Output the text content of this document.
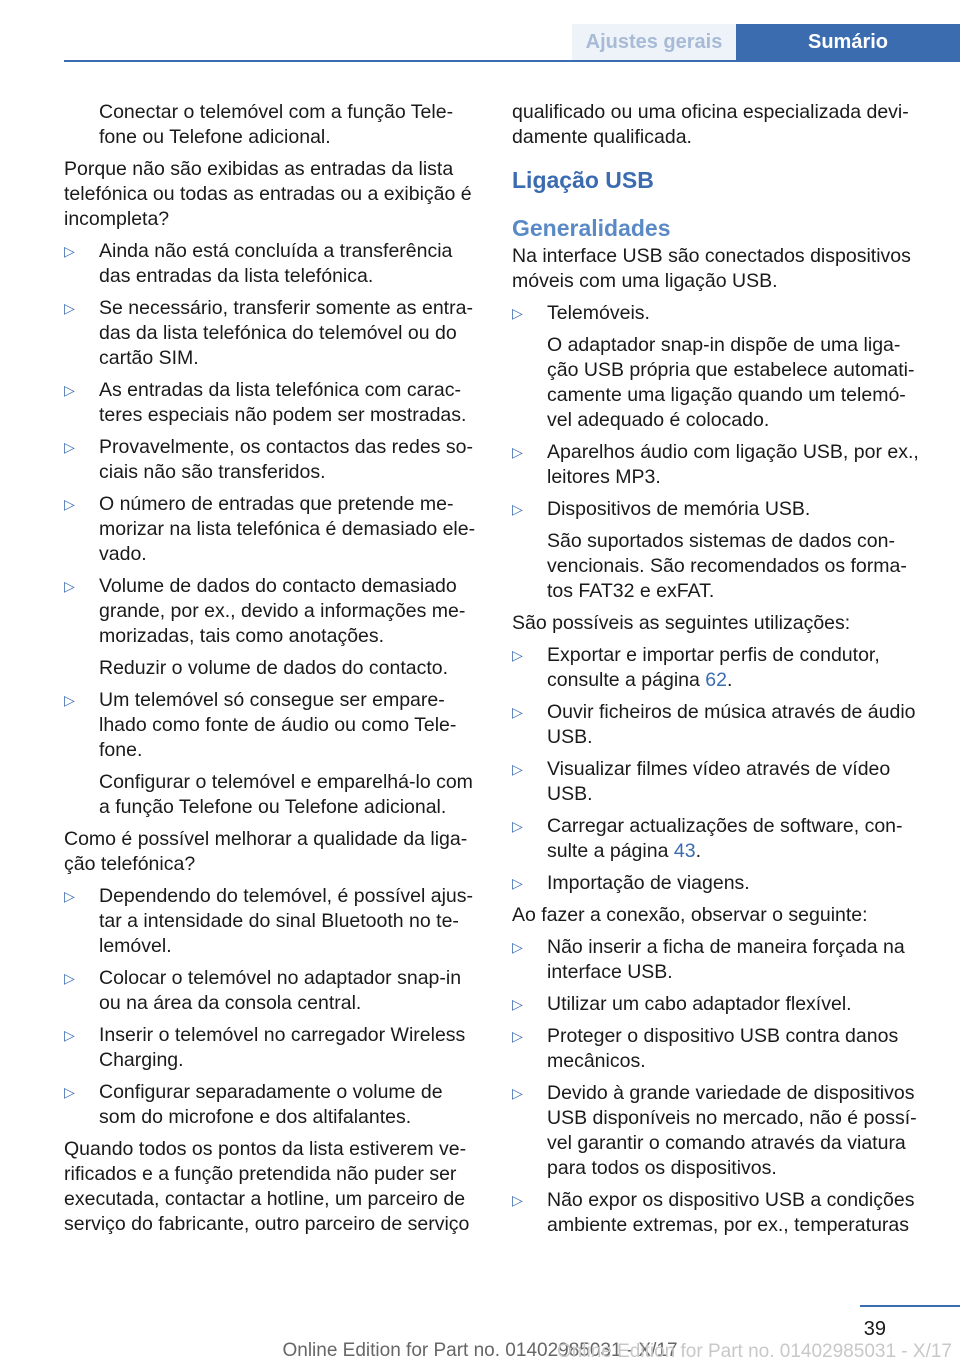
Ajustes gerais	Sumário

Conectar o telemóvel com a função Telefone ou Telefone adicional.

Porque não são exibidas as entradas da lista telefónica ou todas as entradas ou a exibição é incompleta?

▷	Ainda não está concluída a transferência das entradas da lista telefónica.

▷	Se necessário, transferir somente as entradas da lista telefónica do telemóvel ou do cartão SIM.

▷	As entradas da lista telefónica com caracteres especiais não podem ser mostradas.

▷	Provavelmente, os contactos das redes sociais não são transferidos.

▷	O número de entradas que pretende memorizar na lista telefónica é demasiado elevado.

▷	Volume de dados do contacto demasiado grande, por ex., devido a informações memorizadas, tais como anotações.

Reduzir o volume de dados do contacto.

▷	Um telemóvel só consegue ser emparelhado como fonte de áudio ou como Telefone.

Configurar o telemóvel e emparelhá-lo com a função Telefone ou Telefone adicional.

Como é possível melhorar a qualidade da ligação telefónica?

▷	Dependendo do telemóvel, é possível ajustar a intensidade do sinal Bluetooth no telemóvel.

▷	Colocar o telemóvel no adaptador snap-in ou na área da consola central.

▷	Inserir o telemóvel no carregador Wireless Charging.

▷	Configurar separadamente o volume de som do microfone e dos altifalantes.

Quando todos os pontos da lista estiverem verificados e a função pretendida não puder ser executada, contactar a hotline, um parceiro de serviço do fabricante, outro parceiro de serviço

qualificado ou uma oficina especializada devidamente qualificada.

Ligação USB
Generalidades

Na interface USB são conectados dispositivos móveis com uma ligação USB.

▷	Telemóveis.

O adaptador snap-in dispõe de uma ligação USB própria que estabelece automaticamente uma ligação quando um telemóvel adequado é colocado.

▷	Aparelhos áudio com ligação USB, por ex., leitores MP3.

▷	Dispositivos de memória USB.

São suportados sistemas de dados convencionais. São recomendados os formatos FAT32 e exFAT.

São possíveis as seguintes utilizações:

▷	Exportar e importar perfis de condutor, consulte a página 62.

▷	Ouvir ficheiros de música através de áudio USB.

▷	Visualizar filmes vídeo através de vídeo USB.

▷	Carregar actualizações de software, consulte a página 43.

▷	Importação de viagens.

Ao fazer a conexão, observar o seguinte:

▷	Não inserir a ficha de maneira forçada na interface USB.

▷	Utilizar um cabo adaptador flexível.

▷	Proteger o dispositivo USB contra danos mecânicos.

▷	Devido à grande variedade de dispositivos USB disponíveis no mercado, não é possível garantir o comando através da viatura para todos os dispositivos.

▷	Não expor os dispositivo USB a condições ambiente extremas, por ex., temperaturas

39
Online Edition for Part no. 01402985031 - X/17
Online Edition for Part no. 01402985031 - X/17
